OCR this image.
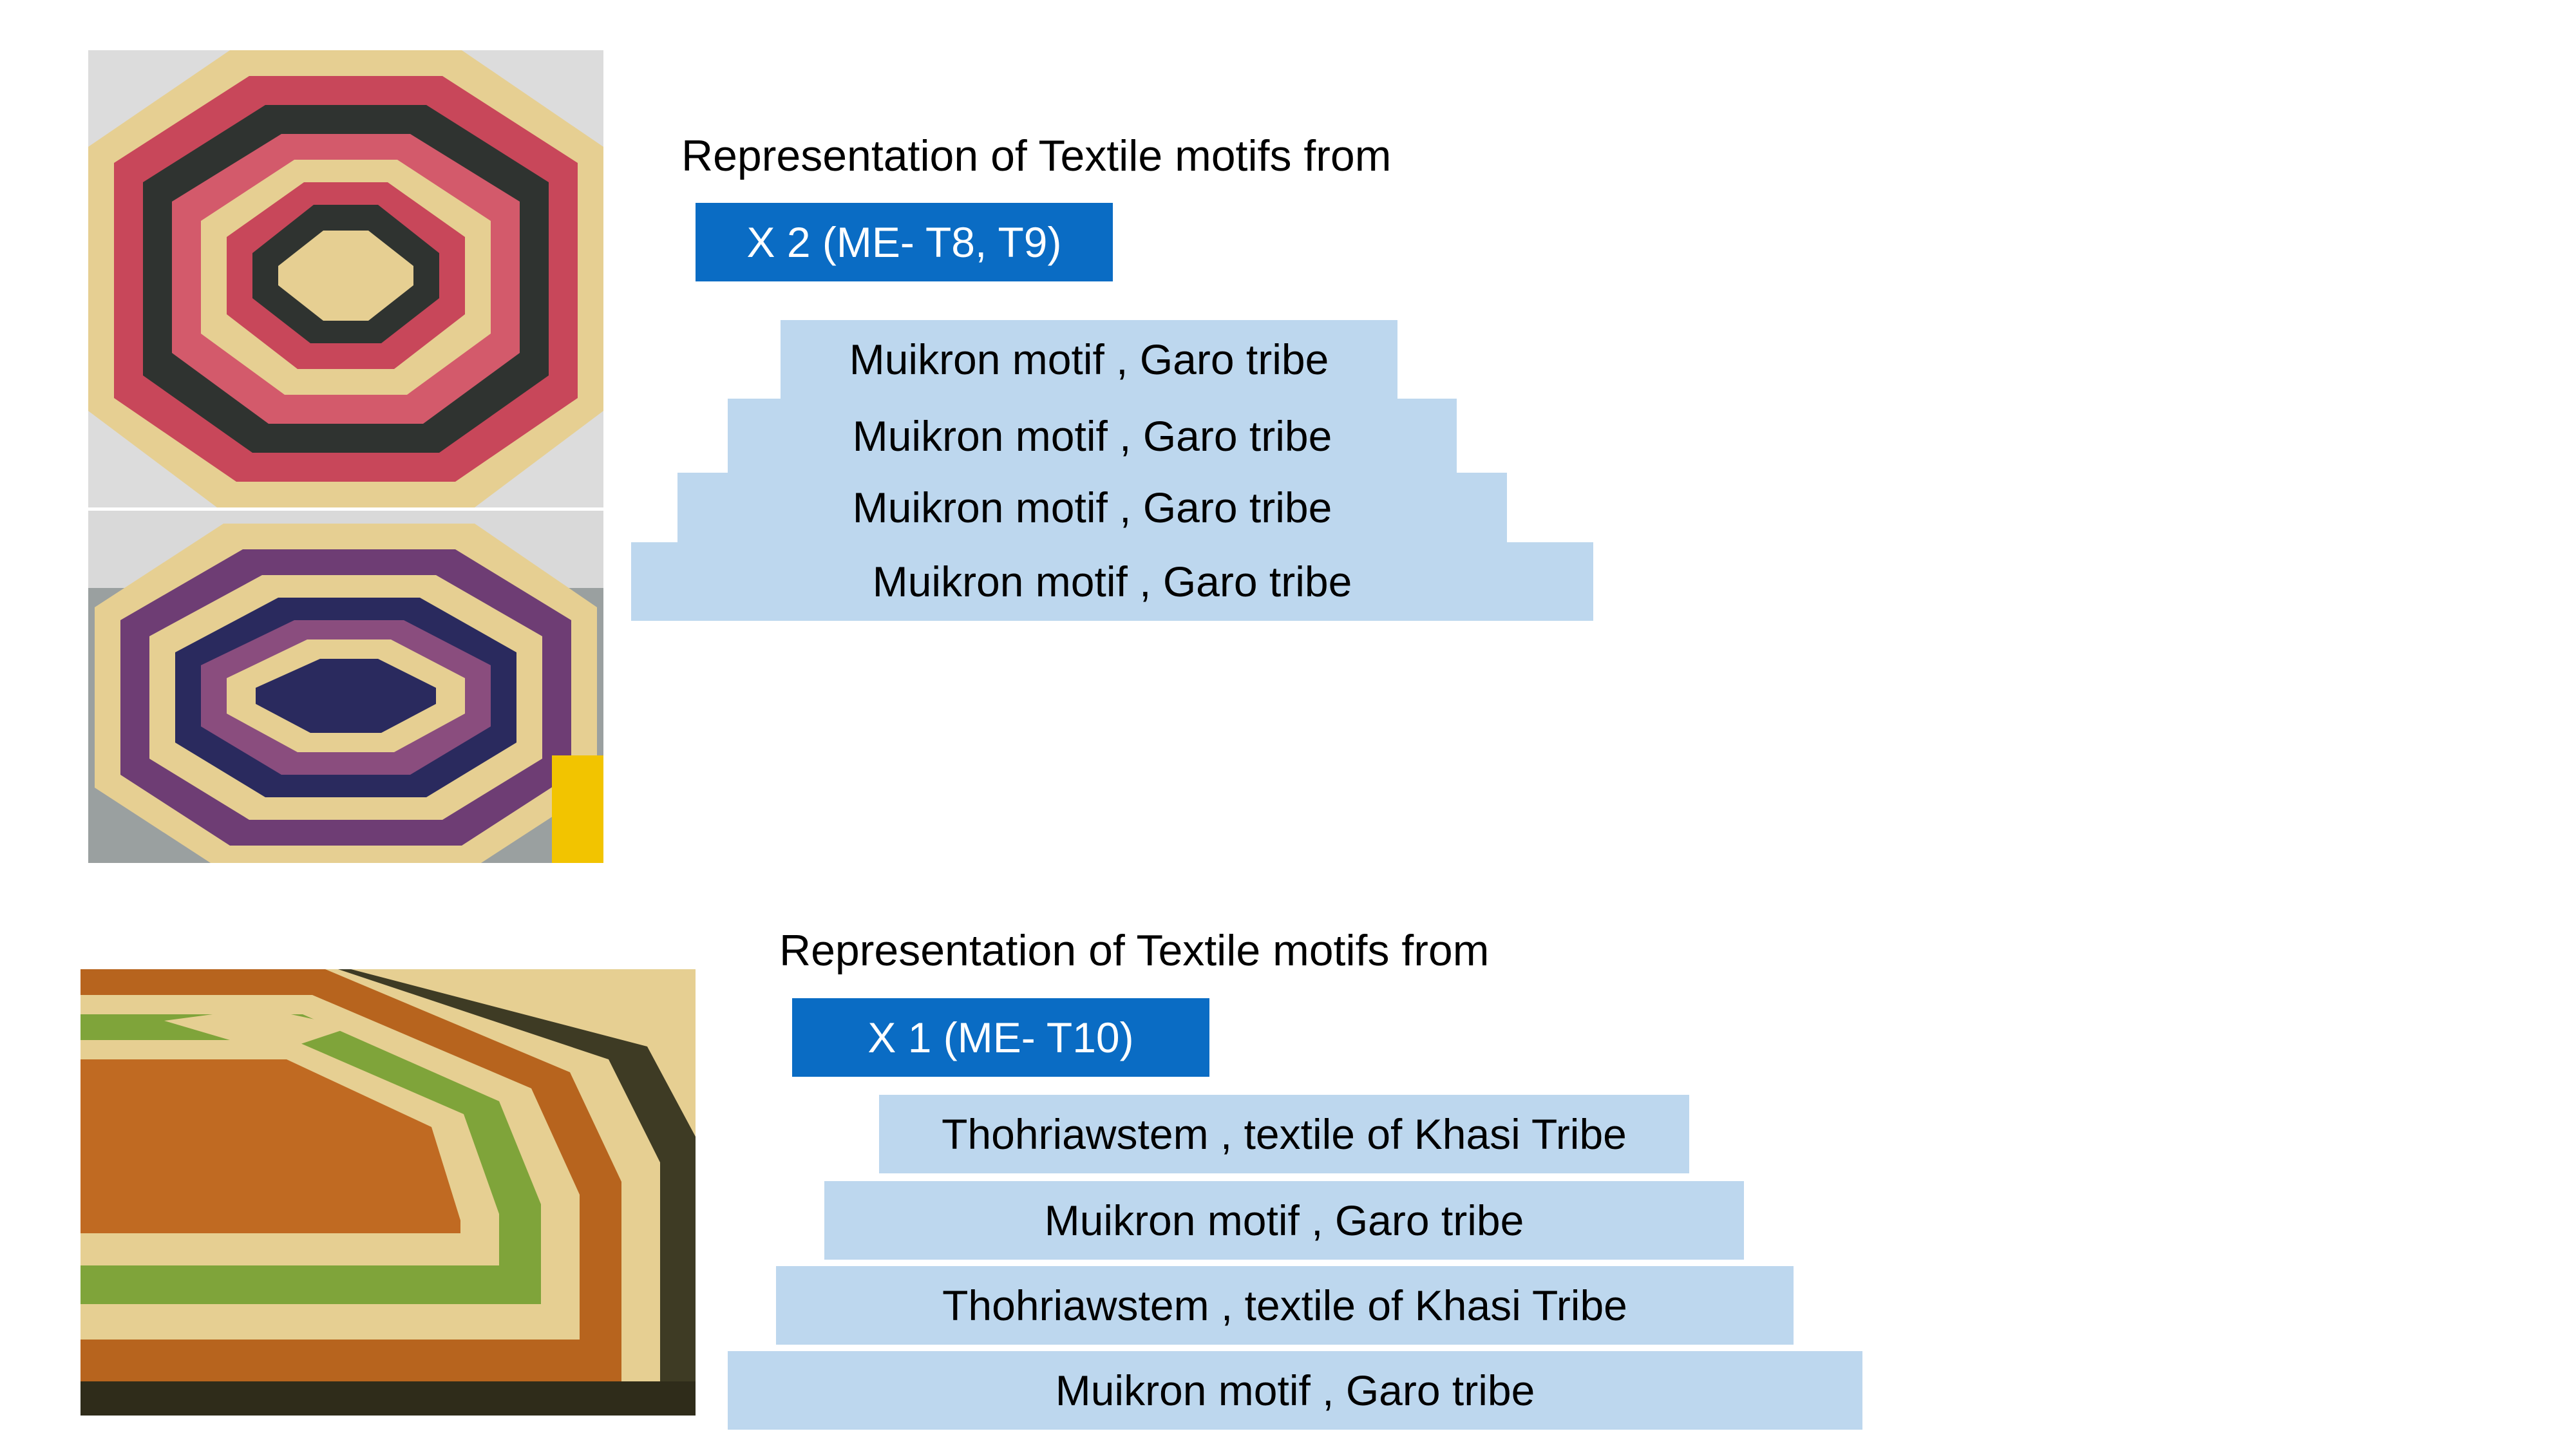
Representation of Textile motifs from
X 2 (ME- T8, T9)
Muikron motif , Garo tribe
Muikron motif , Garo tribe
Muikron motif , Garo tribe
Muikron motif , Garo tribe
Representation of Textile motifs from
X 1 (ME- T10)
Thohriawstem , textile of Khasi Tribe
Muikron motif , Garo tribe
Thohriawstem , textile of Khasi Tribe
Muikron motif , Garo tribe
